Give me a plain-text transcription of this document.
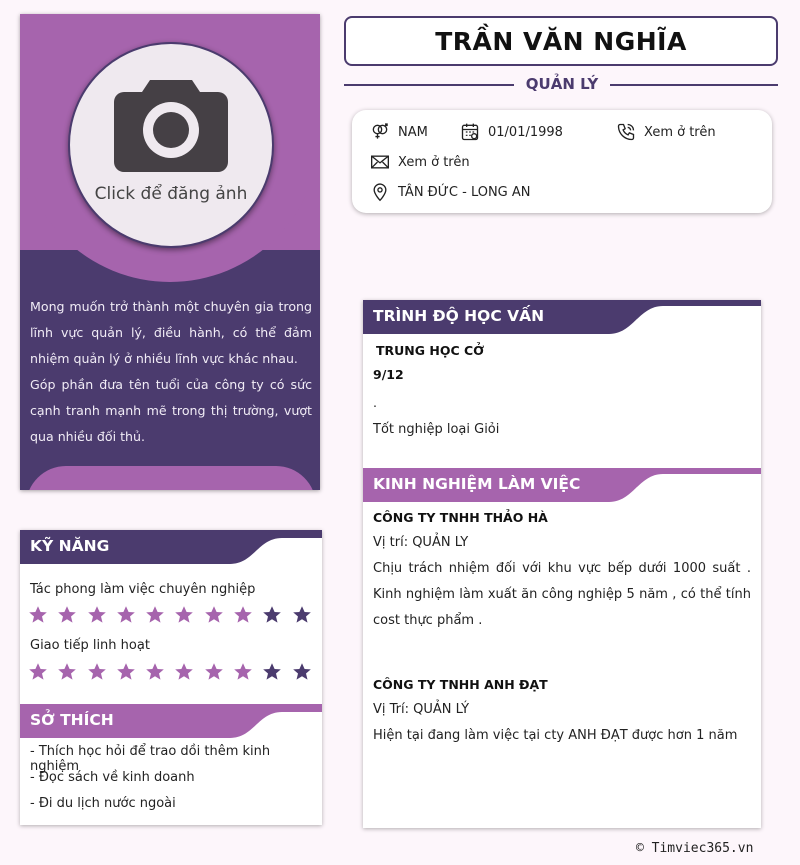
Click để đăng ảnh

Mong muốn trở thành một chuyên gia trong lĩnh vực quản lý, điều hành, có thể đảm nhiệm quản lý ở nhiều lĩnh vực khác nhau.

Góp phần đưa tên tuổi của công ty có sức cạnh tranh mạnh mẽ trong thị trường, vượt qua nhiều đối thủ.

TRẦN VĂN NGHĨA
QUẢN LÝ
NAM	01/01/1998	Xem ở trên
Xem ở trên
TÂN ĐỨC - LONG AN
TRÌNH ĐỘ HỌC VẤN
TRUNG HỌC CỞ
9/12
.
Tốt nghiệp loại Giỏi
KINH NGHIỆM LÀM VIỆC
CÔNG TY TNHH THẢO HÀ
Vị trí: QUẢN LY
Chịu trách nhiệm đối với khu vực bếp dưới 1000 suất . Kinh nghiệm làm xuất ăn công nghiệp 5 năm , có thể tính cost thực phẩm .
CÔNG TY TNHH ANH ĐẠT
Vị Trí: QUẢN LÝ
Hiện tại đang làm việc tại cty ANH ĐẠT được hơn 1 năm
KỸ NĂNG
Tác phong làm việc chuyên nghiệp
Giao tiếp linh hoạt
SỞ THÍCH
- Thích học hỏi để trao dồi thêm kinh nghiệm
- Đọc sách về kinh doanh
- Đi du lịch nước ngoài
© Timviec365.vn
